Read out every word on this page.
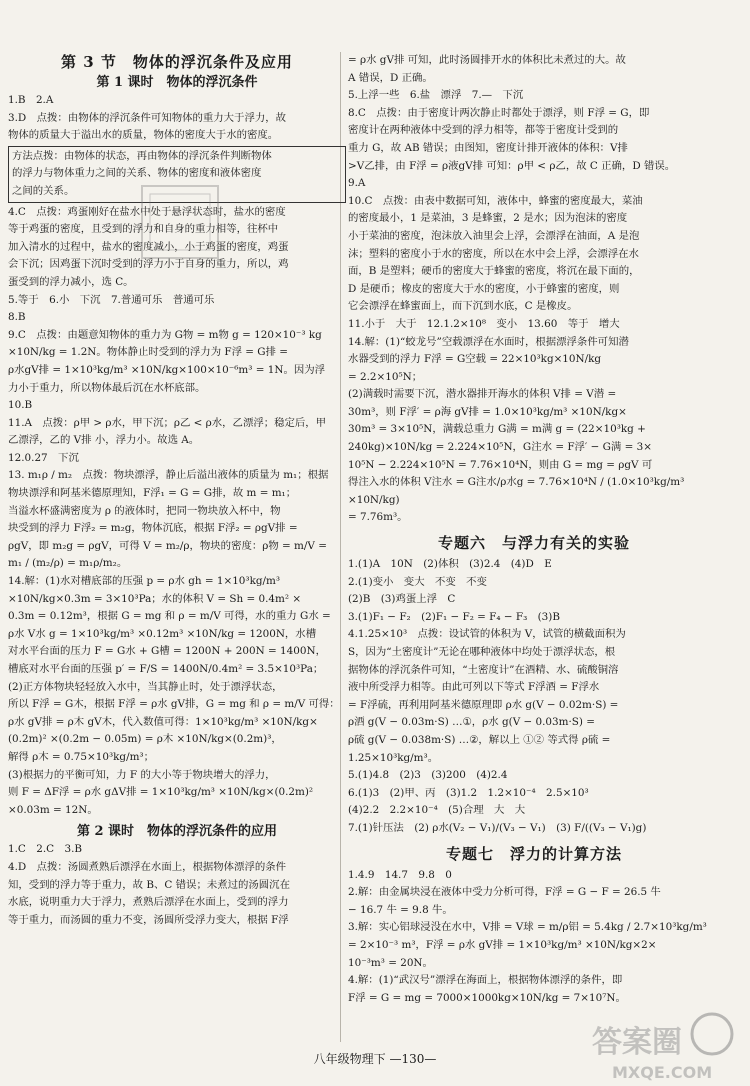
第 3 节　物体的浮沉条件及应用
第 1 课时　物体的浮沉条件

1.B　2.A

3.D　点拨：由物体的浮沉条件可知物体的重力大于浮力，故

物体的质量大于溢出水的质量，物体的密度大于水的密度。

方法点拨：由物体的状态，再由物体的浮沉条件判断物体

的浮力与物体重力之间的关系、物体的密度和液体密度

之间的关系。

4.C　点拨：鸡蛋刚好在盐水中处于悬浮状态时，盐水的密度

等于鸡蛋的密度，且受到的浮力和自身的重力相等，往杯中

加入清水的过程中，盐水的密度减小，小于鸡蛋的密度，鸡蛋

会下沉；因鸡蛋下沉时受到的浮力小于自身的重力，所以，鸡

蛋受到的浮力减小，选 C。

5.等于　6.小　下沉　7.普通可乐　普通可乐

8.B

9.C　点拨：由题意知物体的重力为 G物 = m物 g = 120×10⁻³ kg

×10N/kg = 1.2N。物体静止时受到的浮力为 F浮 = G排 =

ρ水gV排 = 1×10³kg/m³ ×10N/kg×100×10⁻⁶m³ = 1N。因为浮

力小于重力，所以物体最后沉在水杯底部。

10.B

11.A　点拨：ρ甲 > ρ水，甲下沉；ρ乙 < ρ水，乙漂浮；稳定后，甲

乙漂浮，乙的 V排 小，浮力小。故选 A。

12.0.27　下沉

13. m₁ρ / m₂　点拨：物块漂浮，静止后溢出液体的质量为 m₁；根据

物块漂浮和阿基米德原理知，F浮₁ = G = G排，故 m = m₁；

当溢水杯盛满密度为 ρ 的液体时，把同一物块放入杯中，物

块受到的浮力 F浮₂ = m₂g，物体沉底，根据 F浮₂ = ρgV排 =

ρgV，即 m₂g = ρgV，可得 V = m₂/ρ，物块的密度：ρ物 = m/V =

m₁ / (m₂/ρ) = m₁ρ/m₂。

14.解：(1)水对槽底部的压强 p = ρ水 gh = 1×10³kg/m³

×10N/kg×0.3m = 3×10³Pa；水的体积 V = Sh = 0.4m² ×

0.3m = 0.12m³，根据 G = mg 和 ρ = m/V 可得，水的重力 G水 =

ρ水 V水 g = 1×10³kg/m³ ×0.12m³ ×10N/kg = 1200N，水槽

对水平台面的压力 F = G水 + G槽 = 1200N + 200N = 1400N，

槽底对水平台面的压强 p′ = F/S = 1400N/0.4m² = 3.5×10³Pa；

(2)正方体物块轻轻放入水中，当其静止时，处于漂浮状态，

所以 F浮 = G木，根据 F浮 = ρ水 gV排，G = mg 和 ρ = m/V 可得：

ρ水 gV排 = ρ木 gV木，代入数值可得：1×10³kg/m³ ×10N/kg×

(0.2m)² ×(0.2m − 0.05m) = ρ木 ×10N/kg×(0.2m)³，

解得 ρ木 = 0.75×10³kg/m³；

(3)根据力的平衡可知，力 F 的大小等于物块增大的浮力，

则 F = ΔF浮 = ρ水 gΔV排 = 1×10³kg/m³ ×10N/kg×(0.2m)²

×0.03m = 12N。

第 2 课时　物体的浮沉条件的应用

1.C　2.C　3.B

4.D　点拨：汤圆煮熟后漂浮在水面上，根据物体漂浮的条件

知，受到的浮力等于重力，故 B、C 错误；未煮过的汤圆沉在

水底，说明重力大于浮力，煮熟后漂浮在水面上，受到的浮力

等于重力，而汤圆的重力不变，汤圆所受浮力变大，根据 F浮

= ρ水 gV排 可知，此时汤圆排开水的体积比未煮过的大。故

A 错误，D 正确。

5.上浮一些　6.盐　漂浮　7.—　下沉

8.C　点拨：由于密度计两次静止时都处于漂浮，则 F浮 = G，即

密度计在两种液体中受到的浮力相等，都等于密度计受到的

重力 G，故 AB 错误；由图知，密度计排开液体的体积：V排

>V乙排，由 F浮 = ρ液gV排 可知：ρ甲 < ρ乙，故 C 正确，D 错误。

9.A

10.C　点拨：由表中数据可知，液体中，蜂蜜的密度最大，菜油

的密度最小，1 是菜油，3 是蜂蜜，2 是水；因为泡沫的密度

小于菜油的密度，泡沫放入油里会上浮，会漂浮在油面，A 是泡

沫；塑料的密度小于水的密度，所以在水中会上浮，会漂浮在水

面，B 是塑料；硬币的密度大于蜂蜜的密度，将沉在最下面的，

D 是硬币；橡皮的密度大于水的密度，小于蜂蜜的密度，则

它会漂浮在蜂蜜面上，而下沉到水底，C 是橡皮。

11.小于　大于　12.1.2×10⁸　变小　13.60　等于　增大

14.解：(1)“蛟龙号”空载漂浮在水面时，根据漂浮条件可知潜

水器受到的浮力 F浮 = G空载 = 22×10³kg×10N/kg

= 2.2×10⁵N；

(2)满载时需要下沉，潜水器排开海水的体积 V排 = V潜 =

30m³，则 F浮′ = ρ海 gV排 = 1.0×10³kg/m³ ×10N/kg×

30m³ = 3×10⁵N，满载总重力 G满 = m满 g = (22×10³kg +

240kg)×10N/kg = 2.224×10⁵N，G注水 = F浮′ − G满 = 3×

10⁵N − 2.224×10⁵N = 7.76×10⁴N，则由 G = mg = ρgV 可

得注入水的体积 V注水 = G注水/ρ水g = 7.76×10⁴N / (1.0×10³kg/m³ ×10N/kg)

= 7.76m³。

专题六　与浮力有关的实验

1.(1)A　10N　(2)体积　(3)2.4　(4)D　E

2.(1)变小　变大　不变　不变

(2)B　(3)鸡蛋上浮　C

3.(1)F₁ − F₂　(2)F₁ − F₂ = F₄ − F₃　(3)B

4.1.25×10³　点拨：设试管的体积为 V，试管的横截面积为

S，因为“土密度计”无论在哪种液体中均处于漂浮状态，根

据物体的浮沉条件可知，“土密度计”在酒精、水、硫酸铜溶

液中所受浮力相等。由此可列以下等式 F浮酒 = F浮水

= F浮硫，再利用阿基米德原理即 ρ水 g(V − 0.02m·S) =

ρ酒 g(V − 0.03m·S) …①，ρ水 g(V − 0.03m·S) =

ρ硫 g(V − 0.038m·S) …②，解以上 ①② 等式得 ρ硫 =

1.25×10³kg/m³。

5.(1)4.8　(2)3　(3)200　(4)2.4

6.(1)3　(2)甲、丙　(3)1.2　1.2×10⁻⁴　2.5×10³

(4)2.2　2.2×10⁻⁴　(5)合理　大　大

7.(1)针压法　(2) ρ水(V₂ − V₁)/(V₃ − V₁)　(3) F/((V₃ − V₁)g)

专题七　浮力的计算方法

1.4.9　14.7　9.8　0

2.解：由金属块浸在液体中受力分析可得，F浮 = G − F = 26.5 牛

− 16.7 牛 = 9.8 牛。

3.解：实心铝球浸没在水中，V排 = V球 = m/ρ铝 = 5.4kg / 2.7×10³kg/m³

= 2×10⁻³ m³，F浮 = ρ水 gV排 = 1×10³kg/m³ ×10N/kg×2×

10⁻³m³ = 20N。

4.解：(1)“武汉号”漂浮在海面上，根据物体漂浮的条件，即

F浮 = G = mg = 7000×1000kg×10N/kg = 7×10⁷N。

八年级物理下 —130—	答案圈
MXQE.COM
